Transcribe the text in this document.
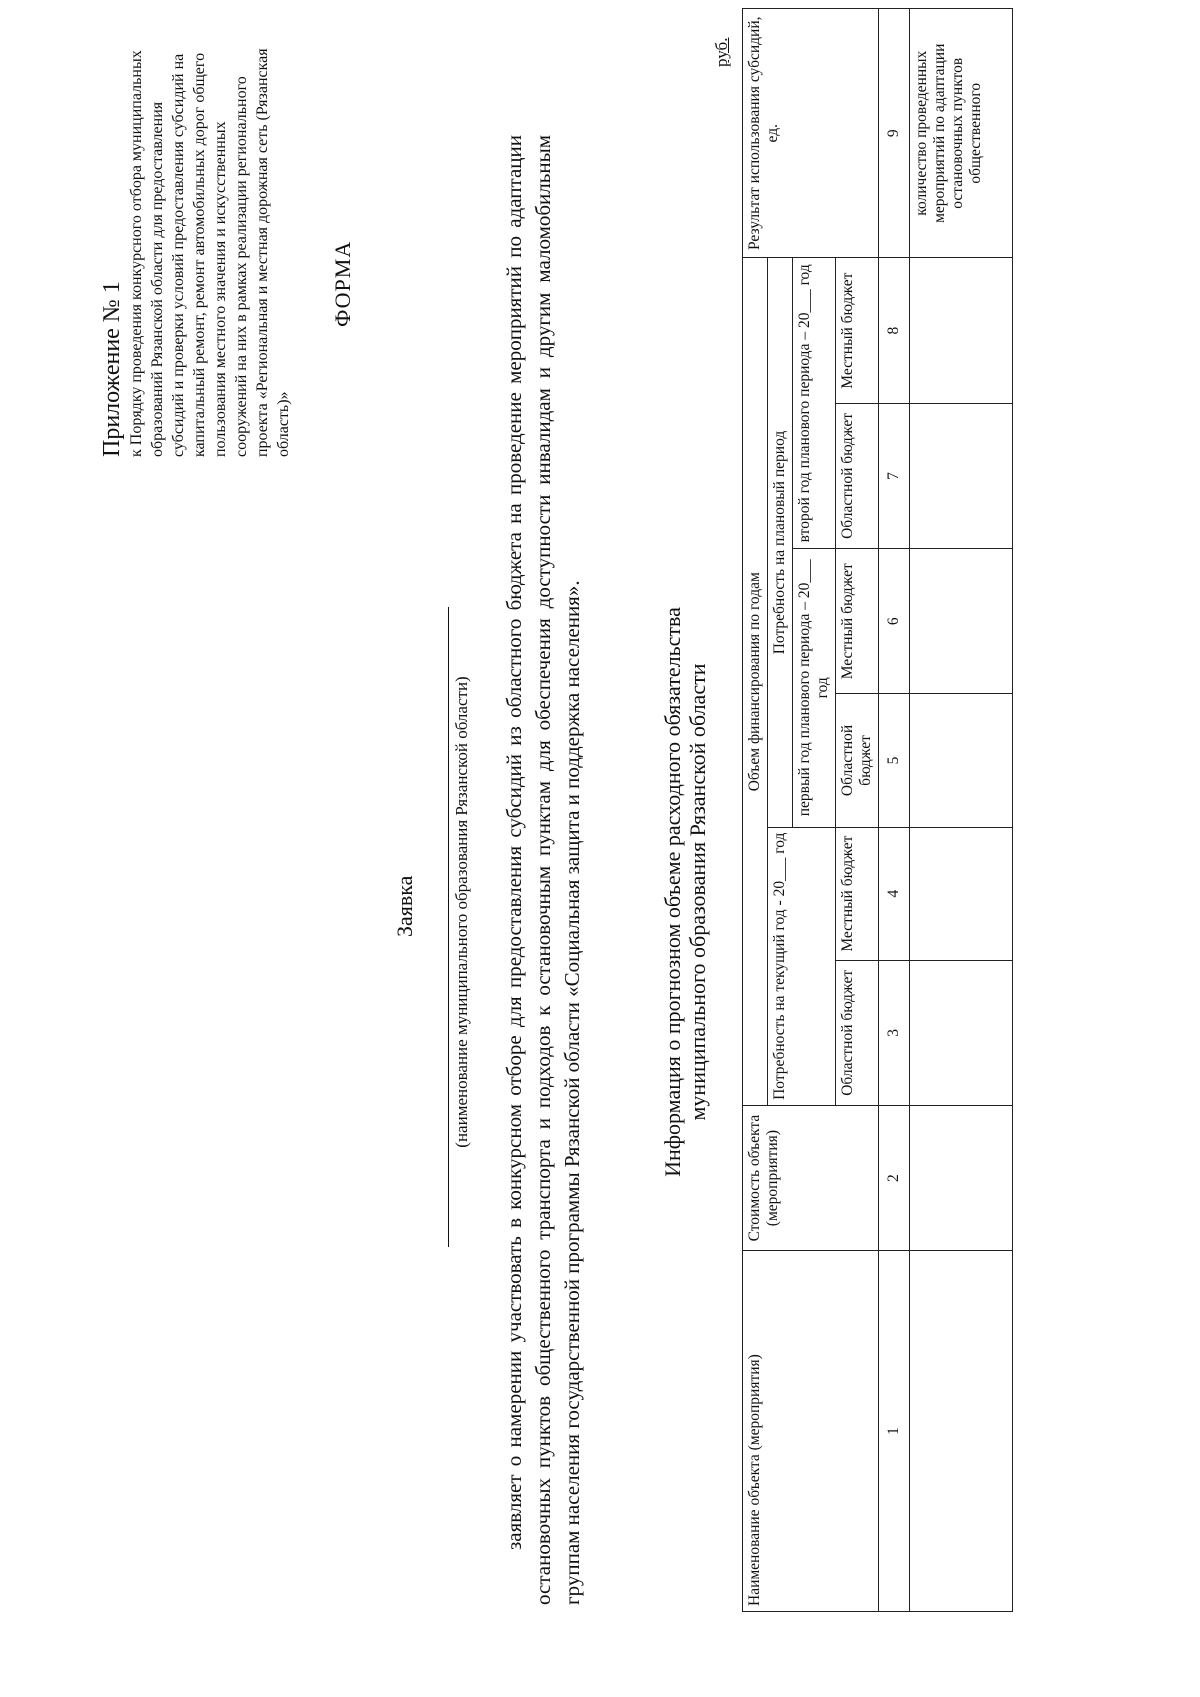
Приложение № 1 к Порядку проведения конкурсного отбора муниципальных образований Рязанской области для предоставления субсидий и проверки условий предоставления субсидий на капитальный ремонт, ремонт автомобильных дорог общего пользования местного значения и искусственных сооружений на них в рамках реализации регионального проекта «Региональная и местная дорожная сеть (Рязанская область)»
ФОРМА
Заявка (наименование муниципального образования Рязанской области) заявляет о намерении участвовать в конкурсном отборе для предоставления субсидий из областного бюджета на проведение мероприятий по адаптации остановочных пунктов общественного транспорта и подходов к остановочным пунктам для обеспечения доступности инвалидам и другим маломобильным группам населения государственной программы Рязанской области «Социальная защита и поддержка населения».	Информация о прогнозном объеме расходного обязательства муниципального образования Рязанской области
руб.
Наименование объекта (мероприятия)	Стоимость объекта (мероприятия)	Объем финансирования по годам						Результат использования субсидий, ед.
		Потребность на текущий год - 20___ год		Потребность на плановый период				
				первый год планового периода – 20___ год		второй год планового периода – 20___ год		
		Областной бюджет	Местный бюджет	Областной бюджет	Местный бюджет	Областной бюджет	Местный бюджет	
1	2	3	4	5	6	7	8	9
								количество проведенных мероприятий по адаптации остановочных пунктов общественного
